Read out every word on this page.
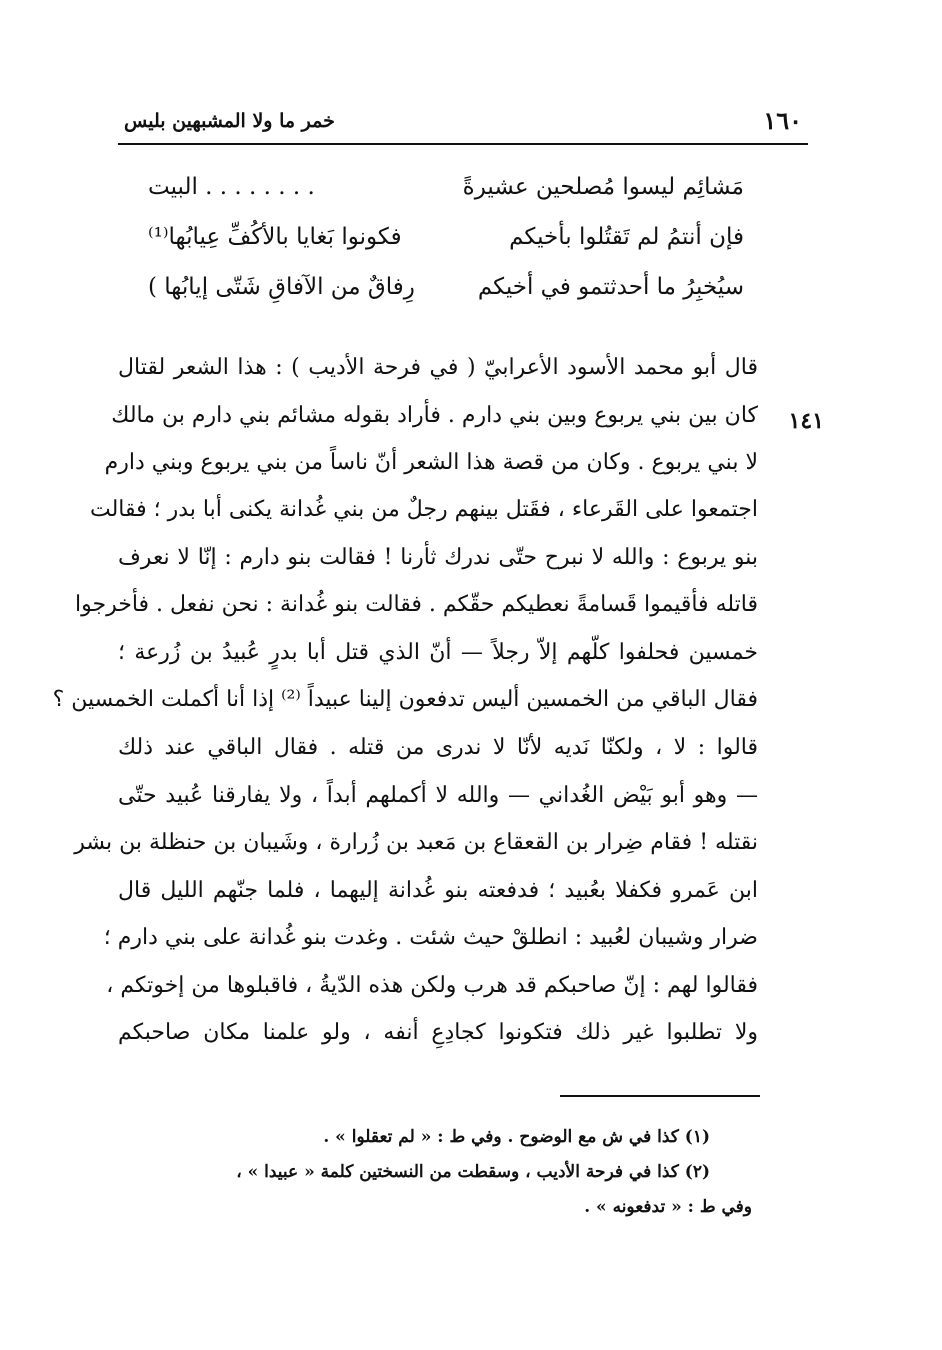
١٦٠
خمر ما ولا المشبهين بليس
مَشائِم ليسوا مُصلحين عشيرةً
. . . . . . . . البيت
فإن أنتمُ لم تَقتُلوا بأخيكم
فكونوا بَغايا بالأكُفِّ عِيابُها⁽¹⁾
سيُخبِرُ ما أحدثتمو في أخيكم
رِفاقٌ من الآفاقِ شَتّى إيابُها )
١٤١
قال أبو محمد الأسود الأعرابيّ ( في فرحة الأديب ) : هذا الشعر لقتال
كان بين بني يربوع وبين بني دارم . فأراد بقوله مشائم بني دارم بن مالك
لا بني يربوع . وكان من قصة هذا الشعر أنّ ناساً من بني يربوع وبني دارم
اجتمعوا على القَرعاء ، فقَتل بينهم رجلٌ من بني غُدانة يكنى أبا بدر ؛ فقالت
بنو يربوع : والله لا نبرح حتّى ندرك ثأرنا ! فقالت بنو دارم : إنّا لا نعرف
قاتله فأقيموا قَسامةً نعطيكم حقّكم . فقالت بنو غُدانة : نحن نفعل . فأخرجوا
خمسين فحلفوا كلّهم إلاّ رجلاً — أنّ الذي قتل أبا بدرٍ عُبيدُ بن زُرعة ؛
فقال الباقي من الخمسين أليس تدفعون إلينا عبيداً ⁽²⁾ إذا أنا أكملت الخمسين ؟
قالوا : لا ، ولكنّا نَديه لأنّا لا ندرى من قتله . فقال الباقي عند ذلك
— وهو أبو بَيْض الغُداني — والله لا أكملهم أبداً ، ولا يفارقنا عُبيد حتّى
نقتله ! فقام ضِرار بن القعقاع بن مَعبد بن زُرارة ، وشَيبان بن حنظلة بن بشر
ابن عَمرو فكفلا بعُبيد ؛ فدفعته بنو غُدانة إليهما ، فلما جنّهم الليل قال
ضرار وشيبان لعُبيد : انطلقْ حيث شئت . وغدت بنو غُدانة على بني دارم ؛
فقالوا لهم : إنّ صاحبكم قد هرب ولكن هذه الدّيةُ ، فاقبلوها من إخوتكم ،
ولا تطلبوا غير ذلك فتكونوا كجادِعِ أنفه ، ولو علمنا مكان صاحبكم
(١) كذا في ش مع الوضوح . وفي ط : « لم تعقلوا » .
(٢) كذا في فرحة الأديب ، وسقطت من النسختين كلمة « عبيدا » ،
وفي ط : « تدفعونه » .
